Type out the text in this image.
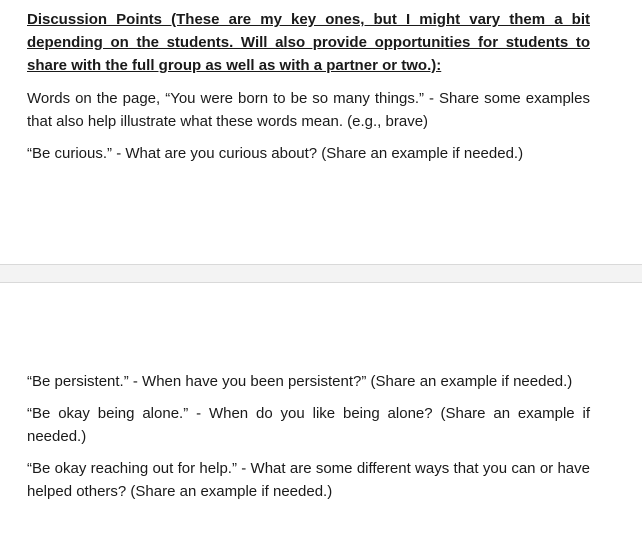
Discussion Points (These are my key ones, but I might vary them a bit depending on the students. Will also provide opportunities for students to share with the full group as well as with a partner or two.):

Words on the page, “You were born to be so many things.” - Share some examples that also help illustrate what these words mean. (e.g., brave)

“Be curious.” - What are you curious about? (Share an example if needed.)

“Be persistent.” - When have you been persistent?” (Share an example if needed.)

“Be okay being alone.” - When do you like being alone? (Share an example if needed.)

“Be okay reaching out for help.” - What are some different ways that you can or have helped others? (Share an example if needed.)
